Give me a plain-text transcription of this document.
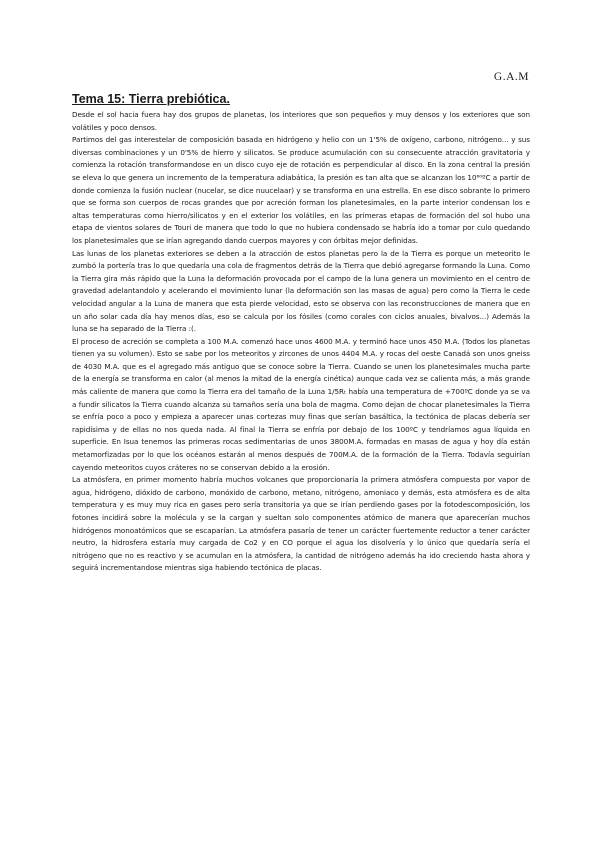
G.A.M
Tema 15: Tierra prebiótica.

Desde el sol hacia fuera hay dos grupos de planetas, los interiores que son pequeños y muy densos y los exteriores que son volátiles y poco densos.

Partimos del gas interestelar de composición basada en hidrógeno y helio con un 1'5% de oxígeno, carbono, nitrógeno... y sus diversas combinaciones y un 0'5% de hierro y silicatos. Se produce acumulación con su consecuente atracción gravitatoria y comienza la rotación transformandose en un disco cuyo eje de rotación es perpendicular al disco. En la zona central la presión se eleva lo que genera un incremento de la temperatura adiabática, la presión es tan alta que se alcanzan los 10⁶⁰ºC a partir de donde comienza la fusión nuclear (nucelar, se dice nuucelaar) y se transforma en una estrella. En ese disco sobrante lo primero que se forma son cuerpos de rocas grandes que por acreción forman los planetesimales, en la parte interior condensan los e altas temperaturas como hierro/silicatos y en el exterior los volátiles, en las primeras etapas de formación del sol hubo una etapa de vientos solares de Touri de manera que todo lo que no hubiera condensado se habría ido a tomar por culo quedando los planetesimales que se irían agregando dando cuerpos mayores y con órbitas mejor definidas.

Las lunas de los planetas exteriores se deben a la atracción de estos planetas pero la de la Tierra es porque un meteorito le zumbó la portería tras lo que quedaría una cola de fragmentos detrás de la Tierra que debió agregarse formando la Luna. Como la Tierra gira más rápido que la Luna la deformación provocada por el campo de la luna genera un movimiento en el centro de gravedad adelantandolo y acelerando el movimiento lunar (la deformación son las masas de agua) pero como la Tierra le cede velocidad angular a la Luna de manera que esta pierde velocidad, esto se observa con las reconstrucciones de manera que en un año solar cada día hay menos días, eso se calcula por los fósiles (como corales con ciclos anuales, bivalvos...) Además la luna se ha separado de la Tierra :(.

El proceso de acreción se completa a 100 M.A. comenzó hace unos 4600 M.A. y terminó hace unos 450 M.A. (Todos los planetas tienen ya su volumen). Esto se sabe por los meteoritos y zircones de unos 4404 M.A. y rocas del oeste Canadá son unos gneiss de 4030 M.A. que es el agregado más antiguo que se conoce sobre la Tierra. Cuando se unen los planetesimales mucha parte de la energía se transforma en calor (al menos la mitad de la energía cinética) aunque cada vez se calienta más, a más grande más caliente de manera que como la Tierra era del tamaño de la Luna 1/5Rₜ había una temperatura de +700ºC donde ya se va a fundir silicatos la Tierra cuando alcanza su tamaños sería una bola de magma. Como dejan de chocar planetesimales la Tierra se enfría poco a poco y empieza a aparecer unas cortezas muy finas que serían basáltica, la tectónica de placas debería ser rapidísima y de ellas no nos queda nada. Al final la Tierra se enfría por debajo de los 100ºC y tendríamos agua líquida en superficie. En Isua tenemos las primeras rocas sedimentarias de unos 3800M.A. formadas en masas de agua y hoy día están metamorfizadas por lo que los océanos estarán al menos después de 700M.A. de la formación de la Tierra. Todavía seguirían cayendo meteoritos cuyos cráteres no se conservan debido a la erosión.

La atmósfera, en primer momento habría muchos volcanes que proporcionaría la primera atmósfera compuesta por vapor de agua, hidrógeno, dióxido de carbono, monóxido de carbono, metano, nitrógeno, amoniaco y demás, esta atmósfera es de alta temperatura y es muy muy rica en gases pero sería transitoria ya que se irían perdiendo gases por la fotodescomposición, los fotones incidirá sobre la molécula y se la cargan y sueltan solo componentes atómico de manera que aparecerían muchos hidrógenos monoatómicos que se escaparían. La atmósfera pasaría de tener un carácter fuertemente reductor a tener carácter neutro, la hidrosfera estaría muy cargada de Co2 y en CO porque el agua los disolvería y lo único que quedaría sería el nitrógeno que no es reactivo y se acumulan en la atmósfera, la cantidad de nitrógeno además ha ido creciendo hasta ahora y seguirá incrementandose mientras siga habiendo tectónica de placas.
